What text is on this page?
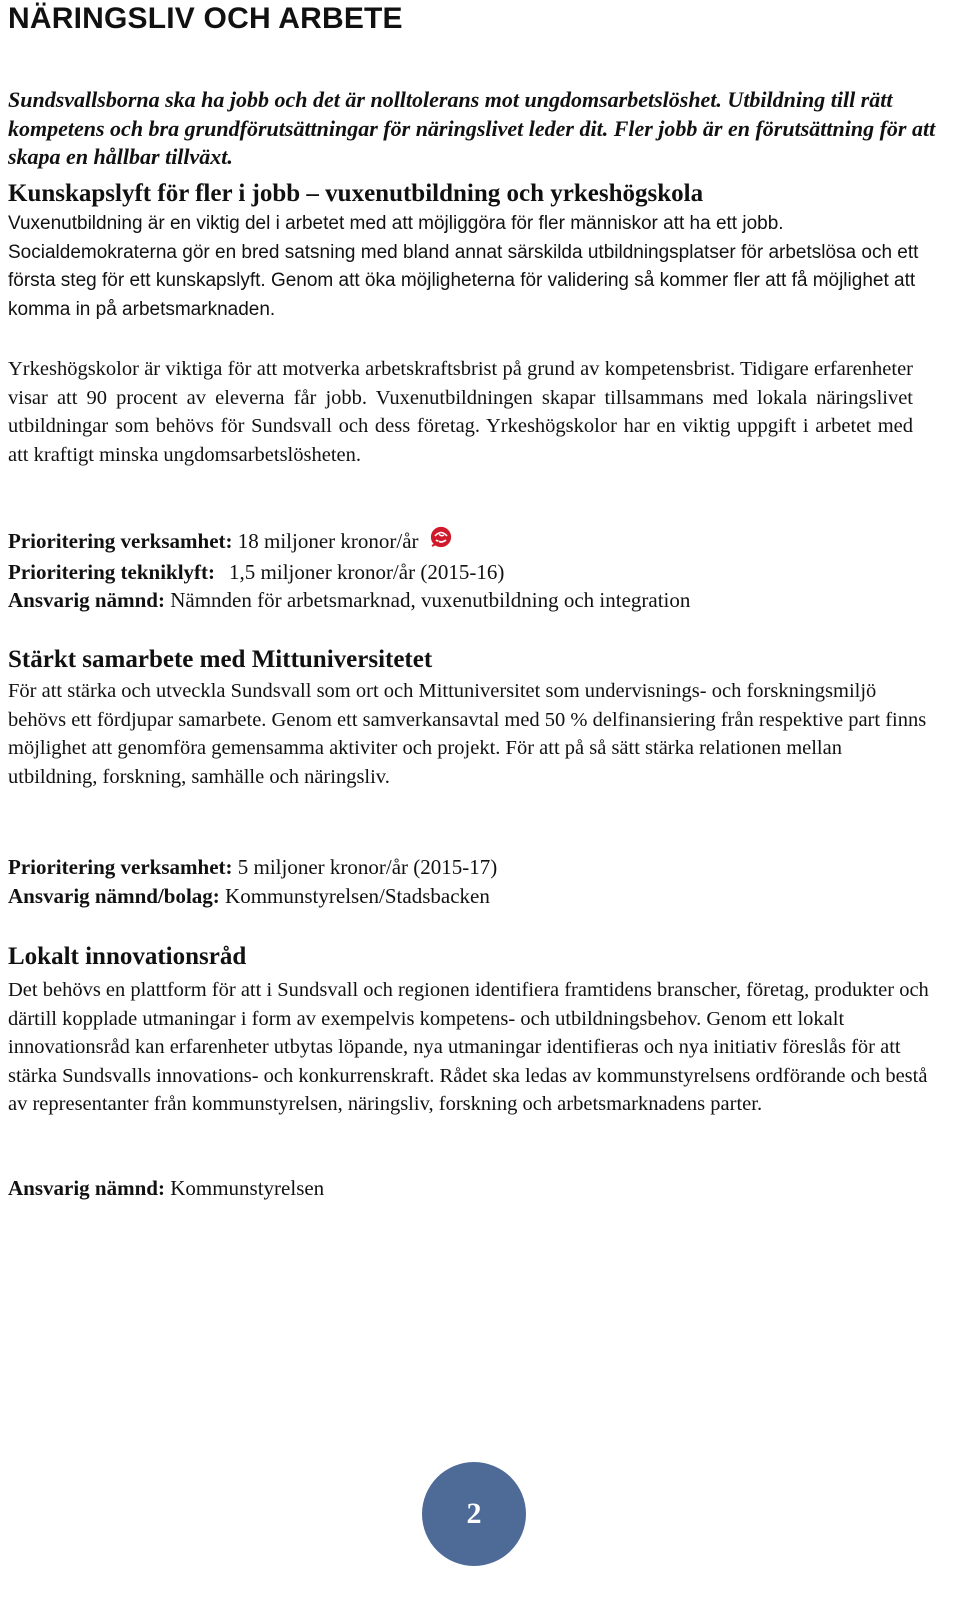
NÄRINGSLIV OCH ARBETE

Sundsvallsborna ska ha jobb och det är nolltolerans mot ungdomsarbetslöshet. Utbildning till rätt kompetens och bra grundförutsättningar för näringslivet leder dit. Fler jobb är en förutsättning för att skapa en hållbar tillväxt.

Kunskapslyft för fler i jobb – vuxenutbildning och yrkeshögskola

Vuxenutbildning är en viktig del i arbetet med att möjliggöra för fler människor att ha ett jobb. Socialdemokraterna gör en bred satsning med bland annat särskilda utbildningsplatser för arbetslösa och ett första steg för ett kunskapslyft. Genom att öka möjligheterna för validering så kommer fler att få möjlighet att komma in på arbetsmarknaden.

Yrkeshögskolor är viktiga för att motverka arbetskraftsbrist på grund av kompetensbrist. Tidigare erfarenheter visar att 90 procent av eleverna får jobb. Vuxenutbildningen skapar tillsammans med lokala näringslivet utbildningar som behövs för Sundsvall och dess företag. Yrkeshögskolor har en viktig uppgift i arbetet med att kraftigt minska ungdomsarbetslösheten.

Prioritering verksamhet: 18 miljoner kronor/år
Prioritering tekniklyft: 1,5 miljoner kronor/år (2015-16)
Ansvarig nämnd: Nämnden för arbetsmarknad, vuxenutbildning och integration
Stärkt samarbete med Mittuniversitetet

För att stärka och utveckla Sundsvall som ort och Mittuniversitet som undervisnings- och forskningsmiljö behövs ett fördjupar samarbete. Genom ett samverkansavtal med 50 % delfinansiering från respektive part finns möjlighet att genomföra gemensamma aktiviter och projekt. För att på så sätt stärka relationen mellan utbildning, forskning, samhälle och näringsliv.

Prioritering verksamhet: 5 miljoner kronor/år (2015-17)
Ansvarig nämnd/bolag: Kommunstyrelsen/Stadsbacken
Lokalt innovationsråd

Det behövs en plattform för att i Sundsvall och regionen identifiera framtidens branscher, företag, produkter och därtill kopplade utmaningar i form av exempelvis kompetens- och utbildningsbehov. Genom ett lokalt innovationsråd kan erfarenheter utbytas löpande, nya utmaningar identifieras och nya initiativ föreslås för att stärka Sundsvalls innovations- och konkurrenskraft. Rådet ska ledas av kommunstyrelsens ordförande och bestå av representanter från kommunstyrelsen, näringsliv, forskning och arbetsmarknadens parter.

Ansvarig nämnd: Kommunstyrelsen
2
